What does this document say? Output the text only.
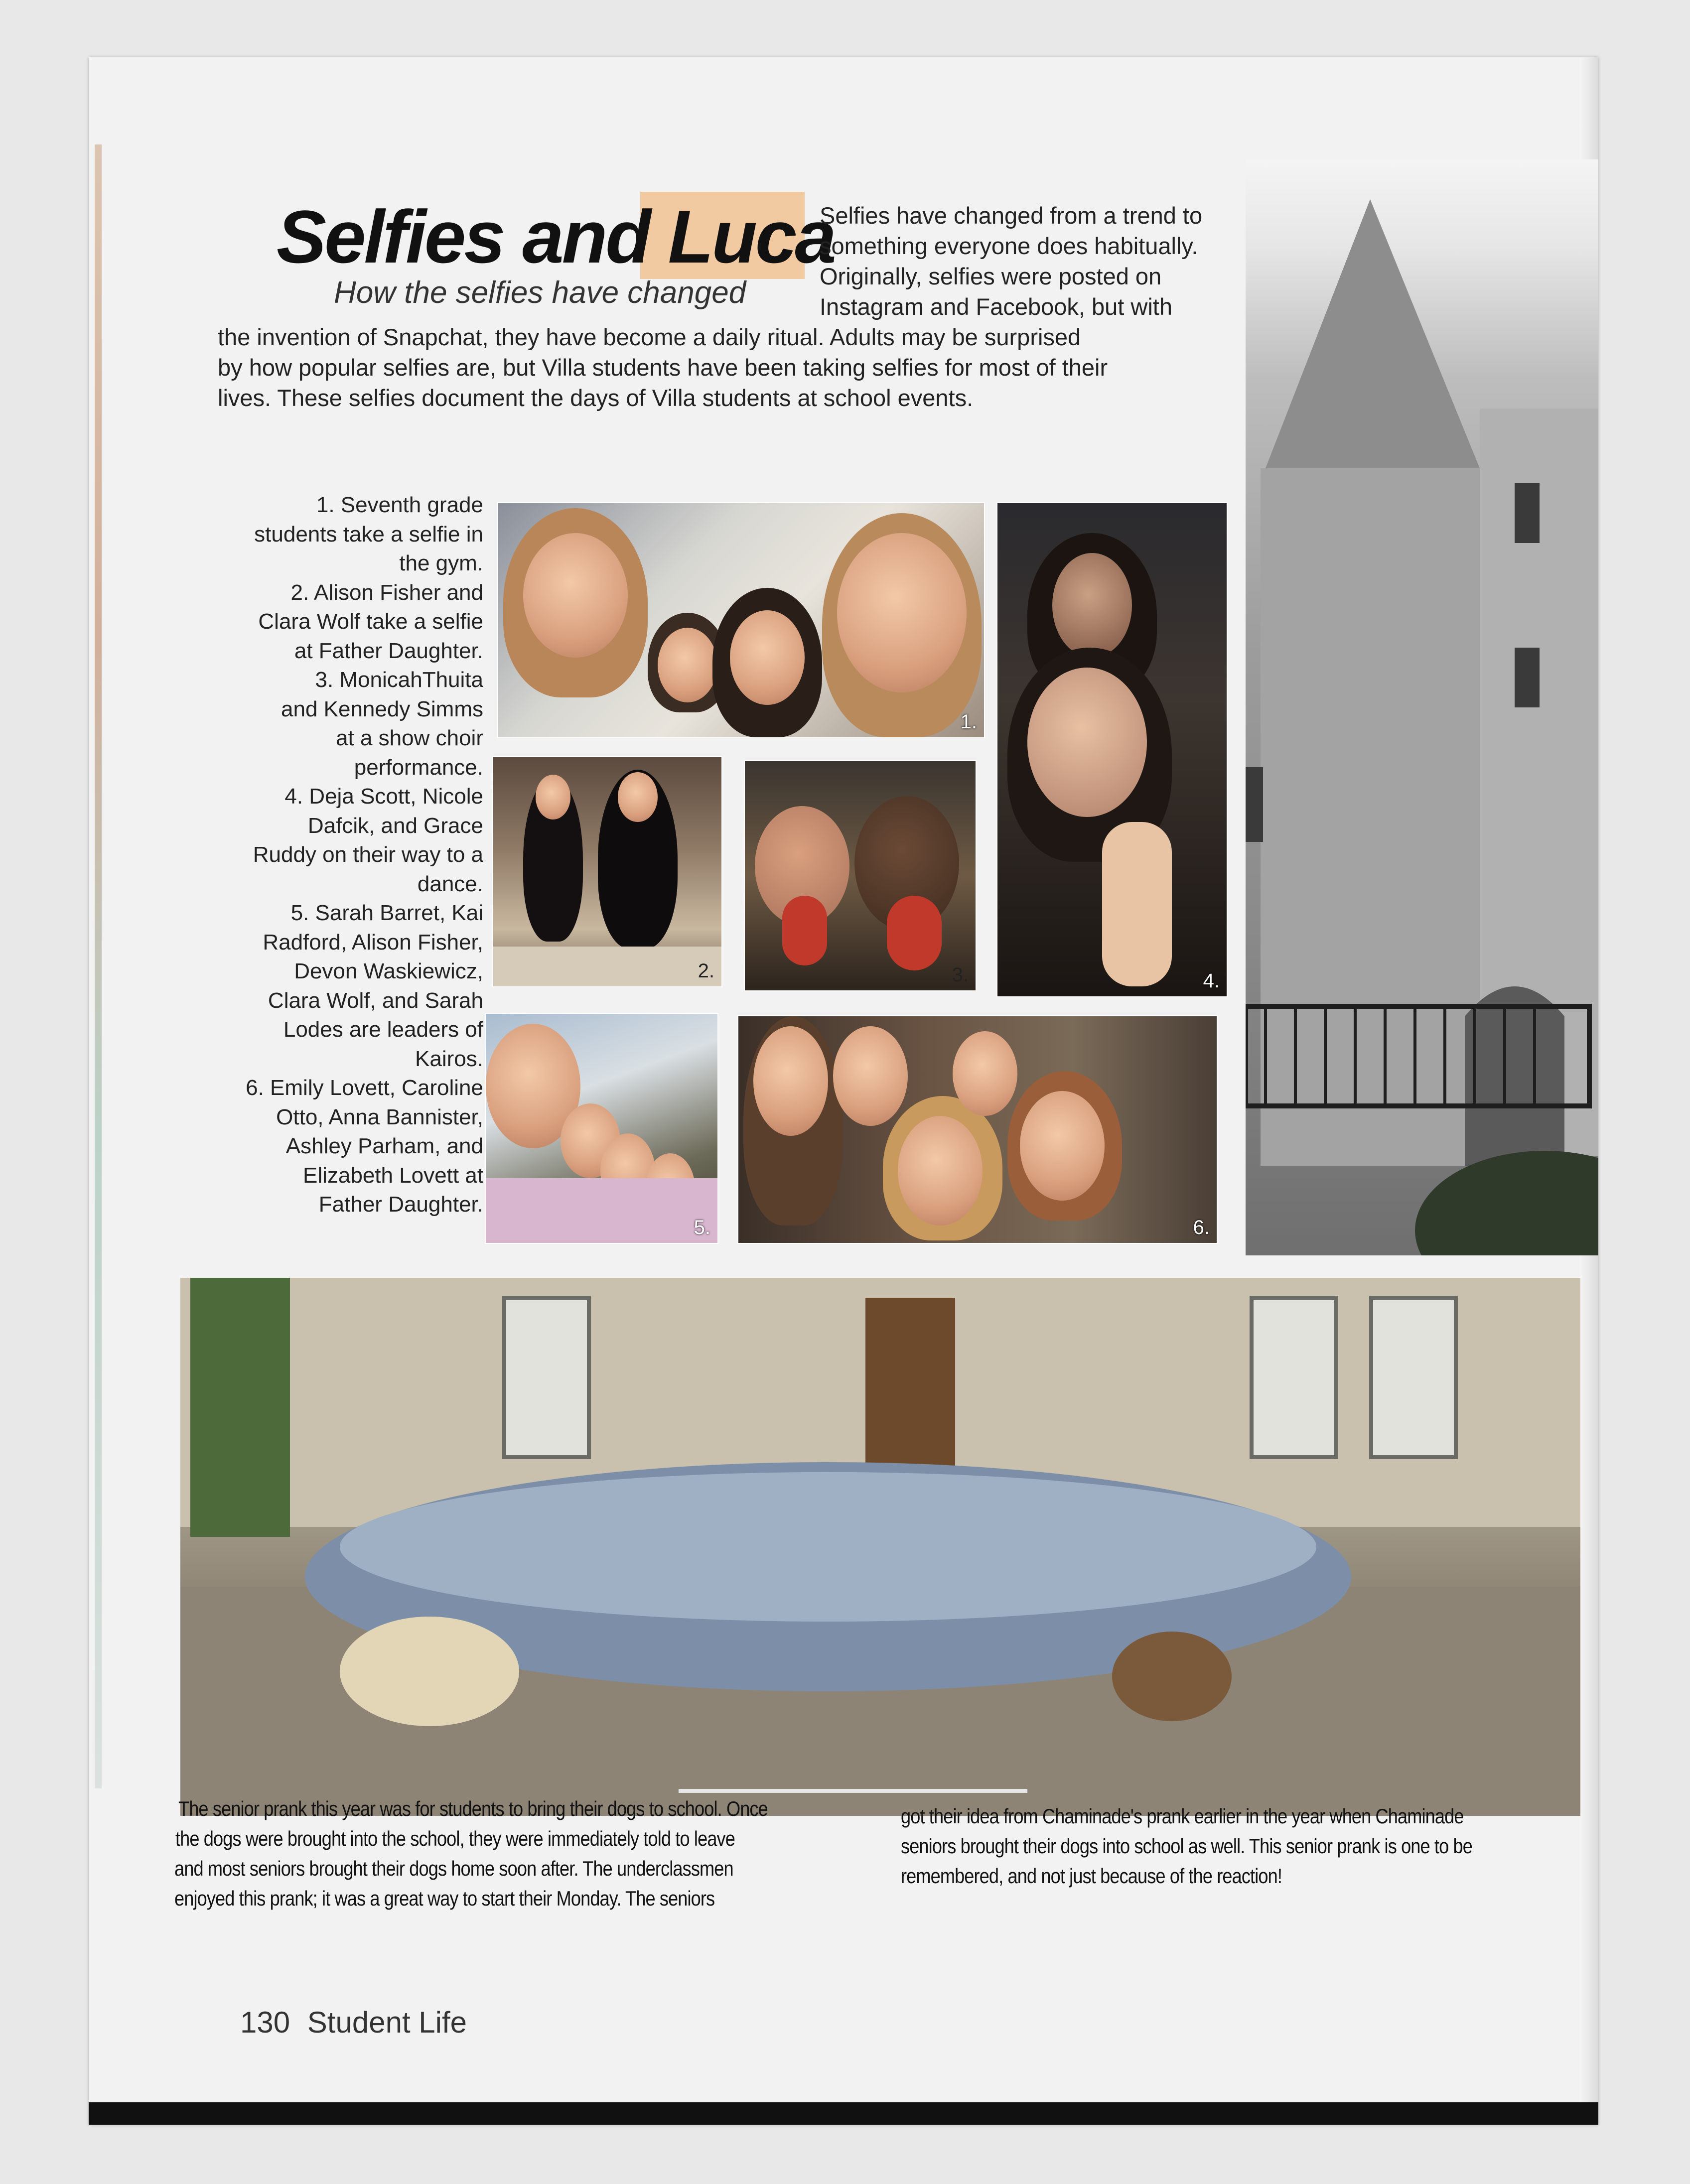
Selfies and Luca
How the selfies have changed

Selfies have changed from a trend to

something everyone does habitually.

Originally, selfies were posted on

Instagram and Facebook, but with

the invention of Snapchat, they have become a daily ritual. Adults may be surprised

by how popular selfies are, but Villa students have been taking selfies for most of their

lives. These selfies document the days of Villa students at school events.

1. Seventh grade
students take a selfie in
the gym.
2. Alison Fisher and
Clara Wolf take a selfie
at Father Daughter.
3. MonicahThuita
and Kennedy Simms
at a show choir
performance.
4. Deja Scott, Nicole
Dafcik, and Grace
Ruddy on their way to a
dance.
5. Sarah Barret, Kai
Radford, Alison Fisher,
Devon Waskiewicz,
Clara Wolf, and Sarah
Lodes are leaders of
Kairos.
6. Emily Lovett, Caroline
Otto, Anna Bannister,
Ashley Parham, and
Elizabeth Lovett at
Father Daughter.
1.
2.	3.	4.
5.	6.

The senior prank this year was for students to bring their dogs to school. Once

the dogs were brought into the school, they were immediately told to leave

and most seniors brought their dogs home soon after. The underclassmen

enjoyed this prank; it was a great way to start their Monday. The seniors

got their idea from Chaminade's prank earlier in the year when Chaminade

seniors brought their dogs into school as well. This senior prank is one to be

remembered, and not just because of the reaction!

130 Student Life
